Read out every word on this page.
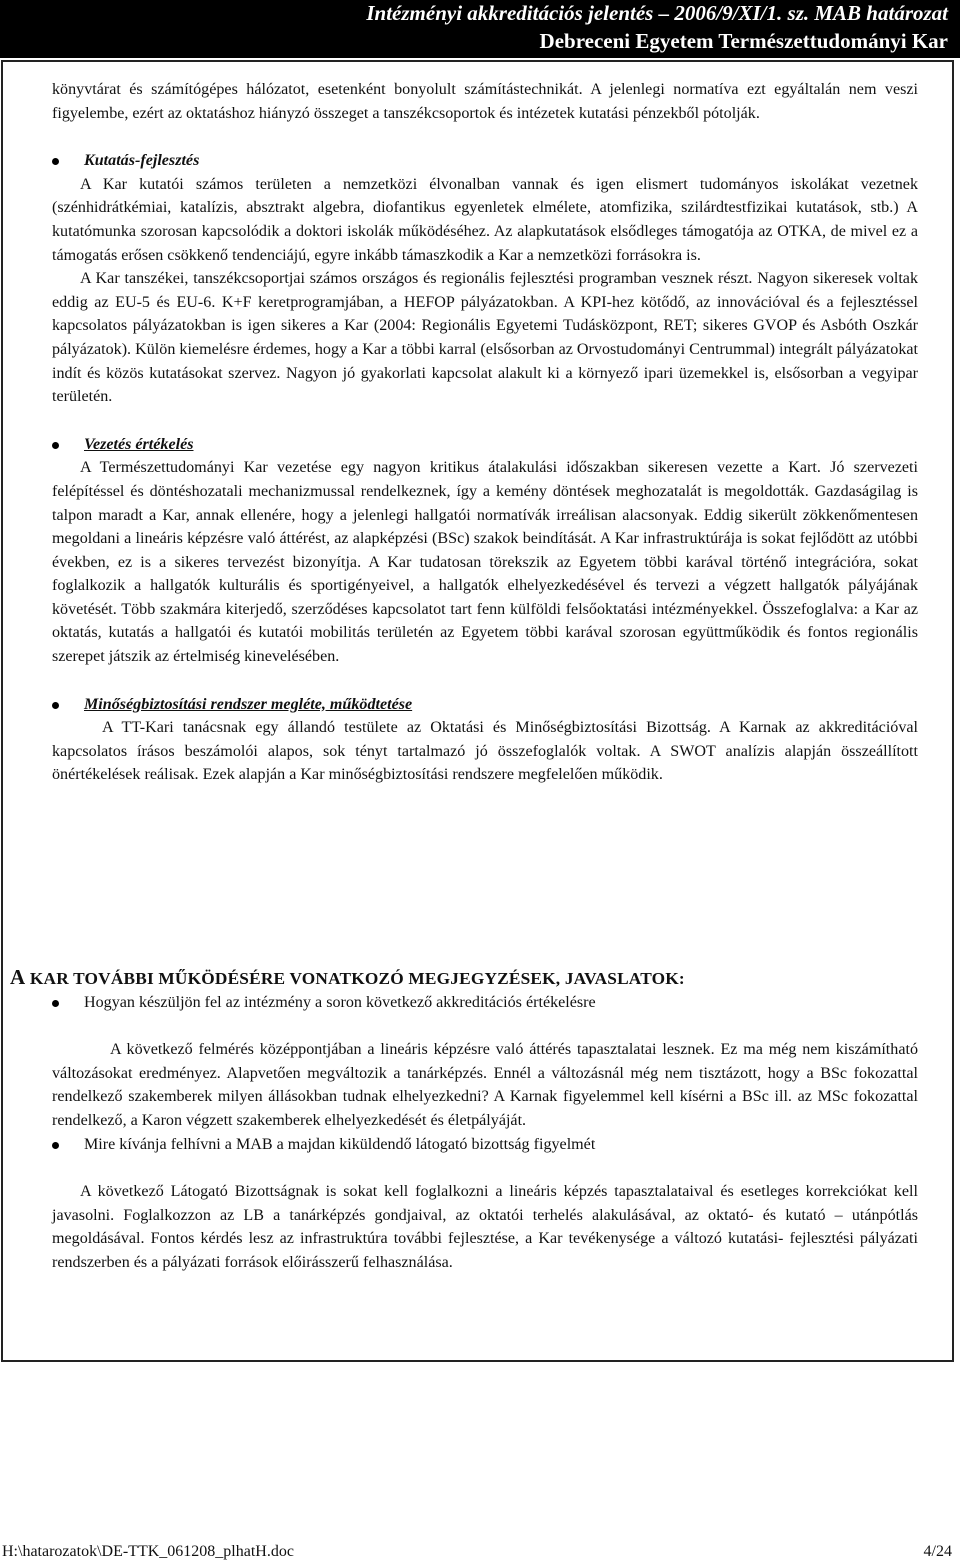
Intézményi akkreditációs jelentés – 2006/9/XI/1. sz. MAB határozat
Debreceni Egyetem Természettudományi Kar

könyvtárat és számítógépes hálózatot, esetenként bonyolult számítástechnikát. A jelenlegi normatíva ezt egyáltalán nem veszi figyelembe, ezért az oktatáshoz hiányzó összeget a tanszékcsoportok és intézetek kutatási pénzekből pótolják.

Kutatás-fejlesztés

A Kar kutatói számos területen a nemzetközi élvonalban vannak és igen elismert tudományos iskolákat vezetnek (szénhidrátkémiai, katalízis, absztrakt algebra, diofantikus egyenletek elmélete, atomfizika, szilárdtestfizikai kutatások, stb.) A kutatómunka szorosan kapcsolódik a doktori iskolák működéséhez. Az alapkutatások elsődleges támogatója az OTKA, de mivel ez a támogatás erősen csökkenő tendenciájú, egyre inkább támaszkodik a Kar a nemzetközi forrásokra is.

A Kar tanszékei, tanszékcsoportjai számos országos és regionális fejlesztési programban vesznek részt. Nagyon sikeresek voltak eddig az EU-5 és EU-6. K+F keretprogramjában, a HEFOP pályázatokban. A KPI-hez kötődő, az innovációval és a fejlesztéssel kapcsolatos pályázatokban is igen sikeres a Kar (2004: Regionális Egyetemi Tudásközpont, RET; sikeres GVOP és Asbóth Oszkár pályázatok). Külön kiemelésre érdemes, hogy a Kar a többi karral (elsősorban az Orvostudományi Centrummal) integrált pályázatokat indít és közös kutatásokat szervez. Nagyon jó gyakorlati kapcsolat alakult ki a környező ipari üzemekkel is, elsősorban a vegyipar területén.

Vezetés értékelés

A Természettudományi Kar vezetése egy nagyon kritikus átalakulási időszakban sikeresen vezette a Kart. Jó szervezeti felépítéssel és döntéshozatali mechanizmussal rendelkeznek, így a kemény döntések meghozatalát is megoldották. Gazdaságilag is talpon maradt a Kar, annak ellenére, hogy a jelenlegi hallgatói normatívák irreálisan alacsonyak. Eddig sikerült zökkenőmentesen megoldani a lineáris képzésre való áttérést, az alapképzési (BSc) szakok beindítását. A Kar infrastruktúrája is sokat fejlődött az utóbbi években, ez is a sikeres tervezést bizonyítja. A Kar tudatosan törekszik az Egyetem többi karával történő integrációra, sokat foglalkozik a hallgatók kulturális és sportigényeivel, a hallgatók elhelyezkedésével és tervezi a végzett hallgatók pályájának követését. Több szakmára kiterjedő, szerződéses kapcsolatot tart fenn külföldi felsőoktatási intézményekkel. Összefoglalva: a Kar az oktatás, kutatás a hallgatói és kutatói mobilitás területén az Egyetem többi karával szorosan együttműködik és fontos regionális szerepet játszik az értelmiség kinevelésében.

Minőségbiztosítási rendszer megléte, működtetése

A TT-Kari tanácsnak egy állandó testülete az Oktatási és Minőségbiztosítási Bizottság. A Karnak az akkreditációval kapcsolatos írásos beszámolói alapos, sok tényt tartalmazó jó összefoglalók voltak. A SWOT analízis alapján összeállított önértékelések reálisak. Ezek alapján a Kar minőségbiztosítási rendszere megfelelően működik.

A KAR TOVÁBBI MŰKÖDÉSÉRE VONATKOZÓ MEGJEGYZÉSEK, JAVASLATOK:

Hogyan készüljön fel az intézmény a soron következő akkreditációs értékelésre

A következő felmérés középpontjában a lineáris képzésre való áttérés tapasztalatai lesznek. Ez ma még nem kiszámítható változásokat eredményez. Alapvetően megváltozik a tanárképzés. Ennél a változásnál még nem tisztázott, hogy a BSc fokozattal rendelkező szakemberek milyen állásokban tudnak elhelyezkedni? A Karnak figyelemmel kell kísérni a BSc ill. az MSc fokozattal rendelkező, a Karon végzett szakemberek elhelyezkedését és életpályáját.

Mire kívánja felhívni a MAB a majdan kiküldendő látogató bizottság figyelmét

A következő Látogató Bizottságnak is sokat kell foglalkozni a lineáris képzés tapasztalataival és esetleges korrekciókat kell javasolni. Foglalkozzon az LB a tanárképzés gondjaival, az oktatói terhelés alakulásával, az oktató- és kutató – utánpótlás megoldásával. Fontos kérdés lesz az infrastruktúra további fejlesztése, a Kar tevékenysége a változó kutatási- fejlesztési pályázati rendszerben és a pályázati források előirásszerű felhasználása.

H:\hatarozatok\DE-TTK_061208_plhatH.doc	4/24
